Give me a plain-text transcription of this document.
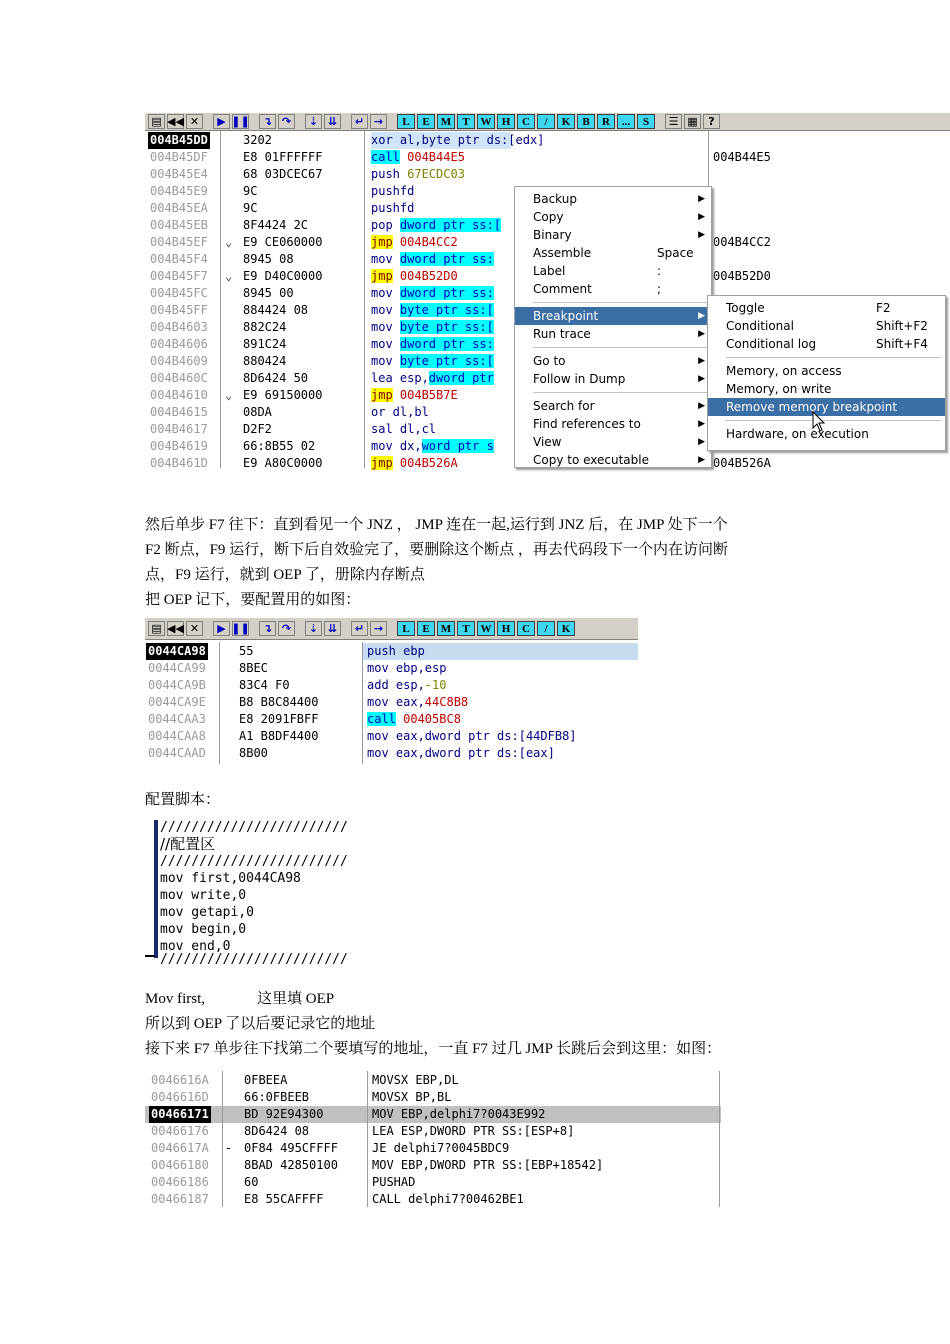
▤ ◀◀ ✕	▶ ❚❚	↴ ↷	⇣ ⇊	↵ →	L	E	M	T W H	C	/	K	B	R	...	S	☰ ▦ ?
004B45DD	3202	xor al,byte ptr ds:[edx]
004B45DF	E8 01FFFFFF	call 004B44E5	004B44E5
004B45E4	68 03DCEC67	push 67ECDC03
004B45E9	9C	pushfd
004B45EA	9C	pushfd
004B45EB	8F4424 2C	pop dword ptr ss:[
004B45EF ⌄ E9 CE060000	jmp 004B4CC2	004B4CC2
004B45F4	8945 08	mov dword ptr ss:
004B45F7 ⌄ E9 D40C0000	jmp 004B52D0	004B52D0
004B45FC	8945 00	mov dword ptr ss:
004B45FF	884424 08	mov byte ptr ss:[
004B4603	882C24	mov byte ptr ss:[
004B4606	891C24	mov dword ptr ss:
004B4609	880424	mov byte ptr ss:[
004B460C	8D6424 50	lea esp,dword ptr
004B4610 ⌄ E9 69150000	jmp 004B5B7E
004B4615	08DA	or dl,bl
004B4617	D2F2	sal dl,cl
004B4619	66:8B55 02	mov dx,word ptr s
004B461D	E9 A80C0000	jmp 004B526A	004B526A
Backup	▶
Copy	▶
Binary	▶
Assemble	Space
Label	:
Comment	;
Breakpoint	▶
Run trace	▶
Go to	▶
Follow in Dump	▶
Search for	▶
Find references to	▶
View	▶
Copy to executable	▶
Toggle	F2
Conditional	Shift+F2
Conditional log	Shift+F4
Memory, on access
Memory, on write
Remove memory breakpoint
Hardware, on execution
然后单步 F7 往下：直到看见一个 JNZ ， JMP 连在一起,运行到 JNZ 后，在 JMP 处下一个
F2 断点，F9 运行，断下后自效验完了，要删除这个断点 ，再去代码段下一个内在访问断
点，F9 运行，就到 OEP 了，册除内存断点
把 OEP 记下，要配置用的如图：
▤ ◀◀ ✕	▶ ❚❚	↴ ↷	⇣ ⇊	↵ →	L	E	M	T W H	C	/	K
0044CA98	55	push ebp
0044CA99	8BEC	mov ebp,esp
0044CA9B	83C4 F0	add esp,-10
0044CA9E	B8 B8C84400	mov eax,44C8B8
0044CAA3	E8 2091FBFF	call 00405BC8
0044CAA8	A1 B8DF4400	mov eax,dword ptr ds:[44DFB8]
0044CAAD	8B00	mov eax,dword ptr ds:[eax]
配置脚本：
////////////////////////
//配置区
////////////////////////
mov first,0044CA98
mov write,0
mov getapi,0
mov begin,0
mov end,0
////////////////////////
Mov first,	这里填 OEP
所以到 OEP 了以后要记录它的地址
接下来 F7 单步往下找第二个要填写的地址，一直 F7 过几 JMP 长跳后会到这里：如图：
0046616A	0FBEEA	MOVSX EBP,DL
0046616D	66:0FBEEB	MOVSX BP,BL
00466171	BD 92E94300	MOV EBP,delphi7?0043E992
00466176	8D6424 08	LEA ESP,DWORD PTR SS:[ESP+8]
0046617A - 0F84 495CFFFF	JE delphi7?0045BDC9
00466180	8BAD 42850100	MOV EBP,DWORD PTR SS:[EBP+18542]
00466186	60	PUSHAD
00466187	E8 55CAFFFF	CALL delphi7?00462BE1
